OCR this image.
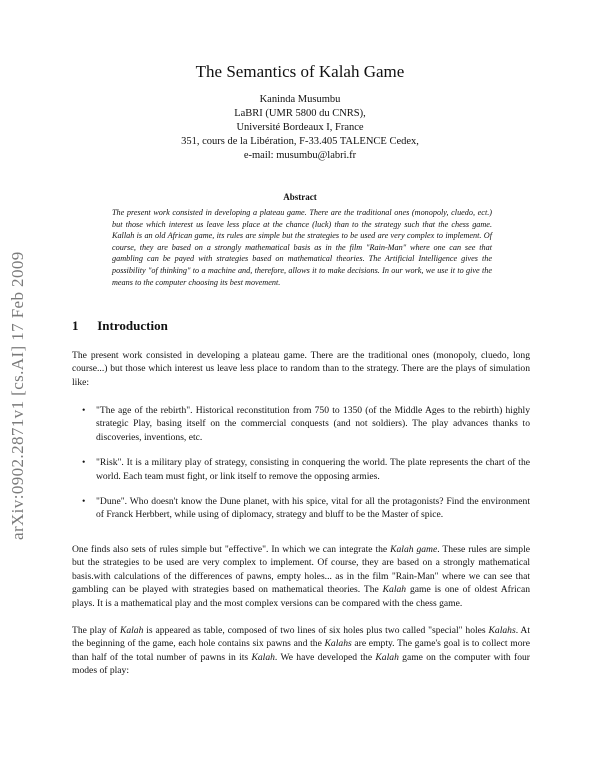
arXiv:0902.2871v1 [cs.AI] 17 Feb 2009
The Semantics of Kalah Game
Kaninda Musumbu
LaBRI (UMR 5800 du CNRS),
Université Bordeaux I, France
351, cours de la Libération, F-33.405 TALENCE Cedex,
e-mail: musumbu@labri.fr
Abstract
The present work consisted in developing a plateau game. There are the traditional ones (monopoly, cluedo, ect.) but those which interest us leave less place at the chance (luck) than to the strategy such that the chess game. Kallah is an old African game, its rules are simple but the strategies to be used are very complex to implement. Of course, they are based on a strongly mathematical basis as in the film "Rain-Man" where one can see that gambling can be payed with strategies based on mathematical theories. The Artificial Intelligence gives the possibility "of thinking" to a machine and, therefore, allows it to make decisions. In our work, we use it to give the means to the computer choosing its best movement.
1 Introduction
The present work consisted in developing a plateau game. There are the traditional ones (monopoly, cluedo, long course...) but those which interest us leave less place to random than to the strategy. There are the plays of simulation like:
• "The age of the rebirth". Historical reconstitution from 750 to 1350 (of the Middle Ages to the rebirth) highly strategic Play, basing itself on the commercial conquests (and not soldiers). The play advances thanks to discoveries, inventions, etc.
• "Risk". It is a military play of strategy, consisting in conquering the world. The plate represents the chart of the world. Each team must fight, or link itself to remove the opposing armies.
• "Dune". Who doesn't know the Dune planet, with his spice, vital for all the protagonists? Find the environment of Franck Herbbert, while using of diplomacy, strategy and bluff to be the Master of spice.
One finds also sets of rules simple but "effective". In which we can integrate the Kalah game. These rules are simple but the strategies to be used are very complex to implement. Of course, they are based on a strongly mathematical basis.with calculations of the differences of pawns, empty holes... as in the film "Rain-Man" where we can see that gambling can be played with strategies based on mathematical theories. The Kalah game is one of oldest African plays. It is a mathematical play and the most complex versions can be compared with the chess game.
The play of Kalah is appeared as table, composed of two lines of six holes plus two called "special" holes Kalahs. At the beginning of the game, each hole contains six pawns and the Kalahs are empty. The game's goal is to collect more than half of the total number of pawns in its Kalah. We have developed the Kalah game on the computer with four modes of play:
